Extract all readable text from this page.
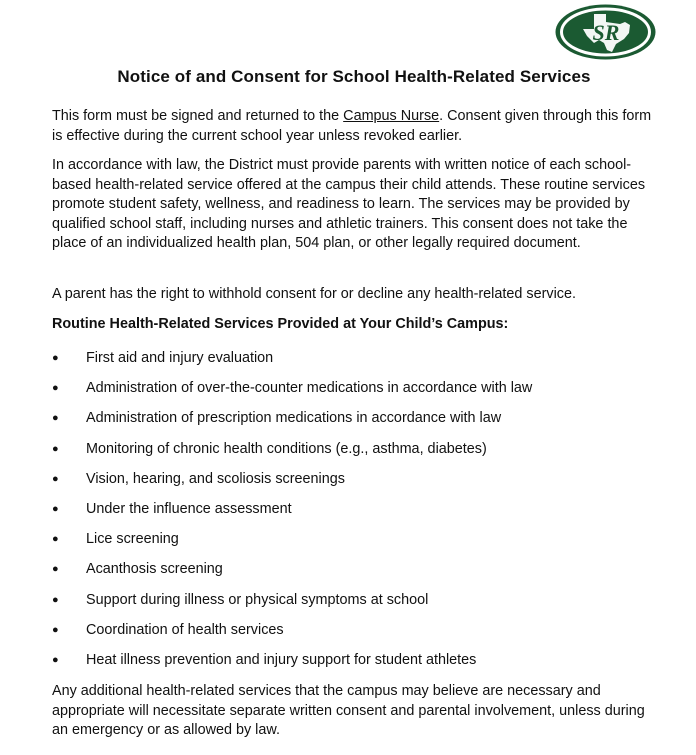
SR
Notice of and Consent for School Health-Related Services

This form must be signed and returned to the Campus Nurse. Consent given through this form is effective during the current school year unless revoked earlier.

In accordance with law, the District must provide parents with written notice of each school-based health-related service offered at the campus their child attends. These routine services promote student safety, wellness, and readiness to learn. The services may be provided by qualified school staff, including nurses and athletic trainers. This consent does not take the place of an individualized health plan, 504 plan, or other legally required document.

A parent has the right to withhold consent for or decline any health-related service.

Routine Health-Related Services Provided at Your Child’s Campus:

● First aid and injury evaluation
● Administration of over-the-counter medications in accordance with law
● Administration of prescription medications in accordance with law
● Monitoring of chronic health conditions (e.g., asthma, diabetes)
● Vision, hearing, and scoliosis screenings
● Under the influence assessment
● Lice screening
● Acanthosis screening
● Support during illness or physical symptoms at school
● Coordination of health services
● Heat illness prevention and injury support for student athletes

Any additional health-related services that the campus may believe are necessary and appropriate will necessitate separate written consent and parental involvement, unless during an emergency or as allowed by law.
